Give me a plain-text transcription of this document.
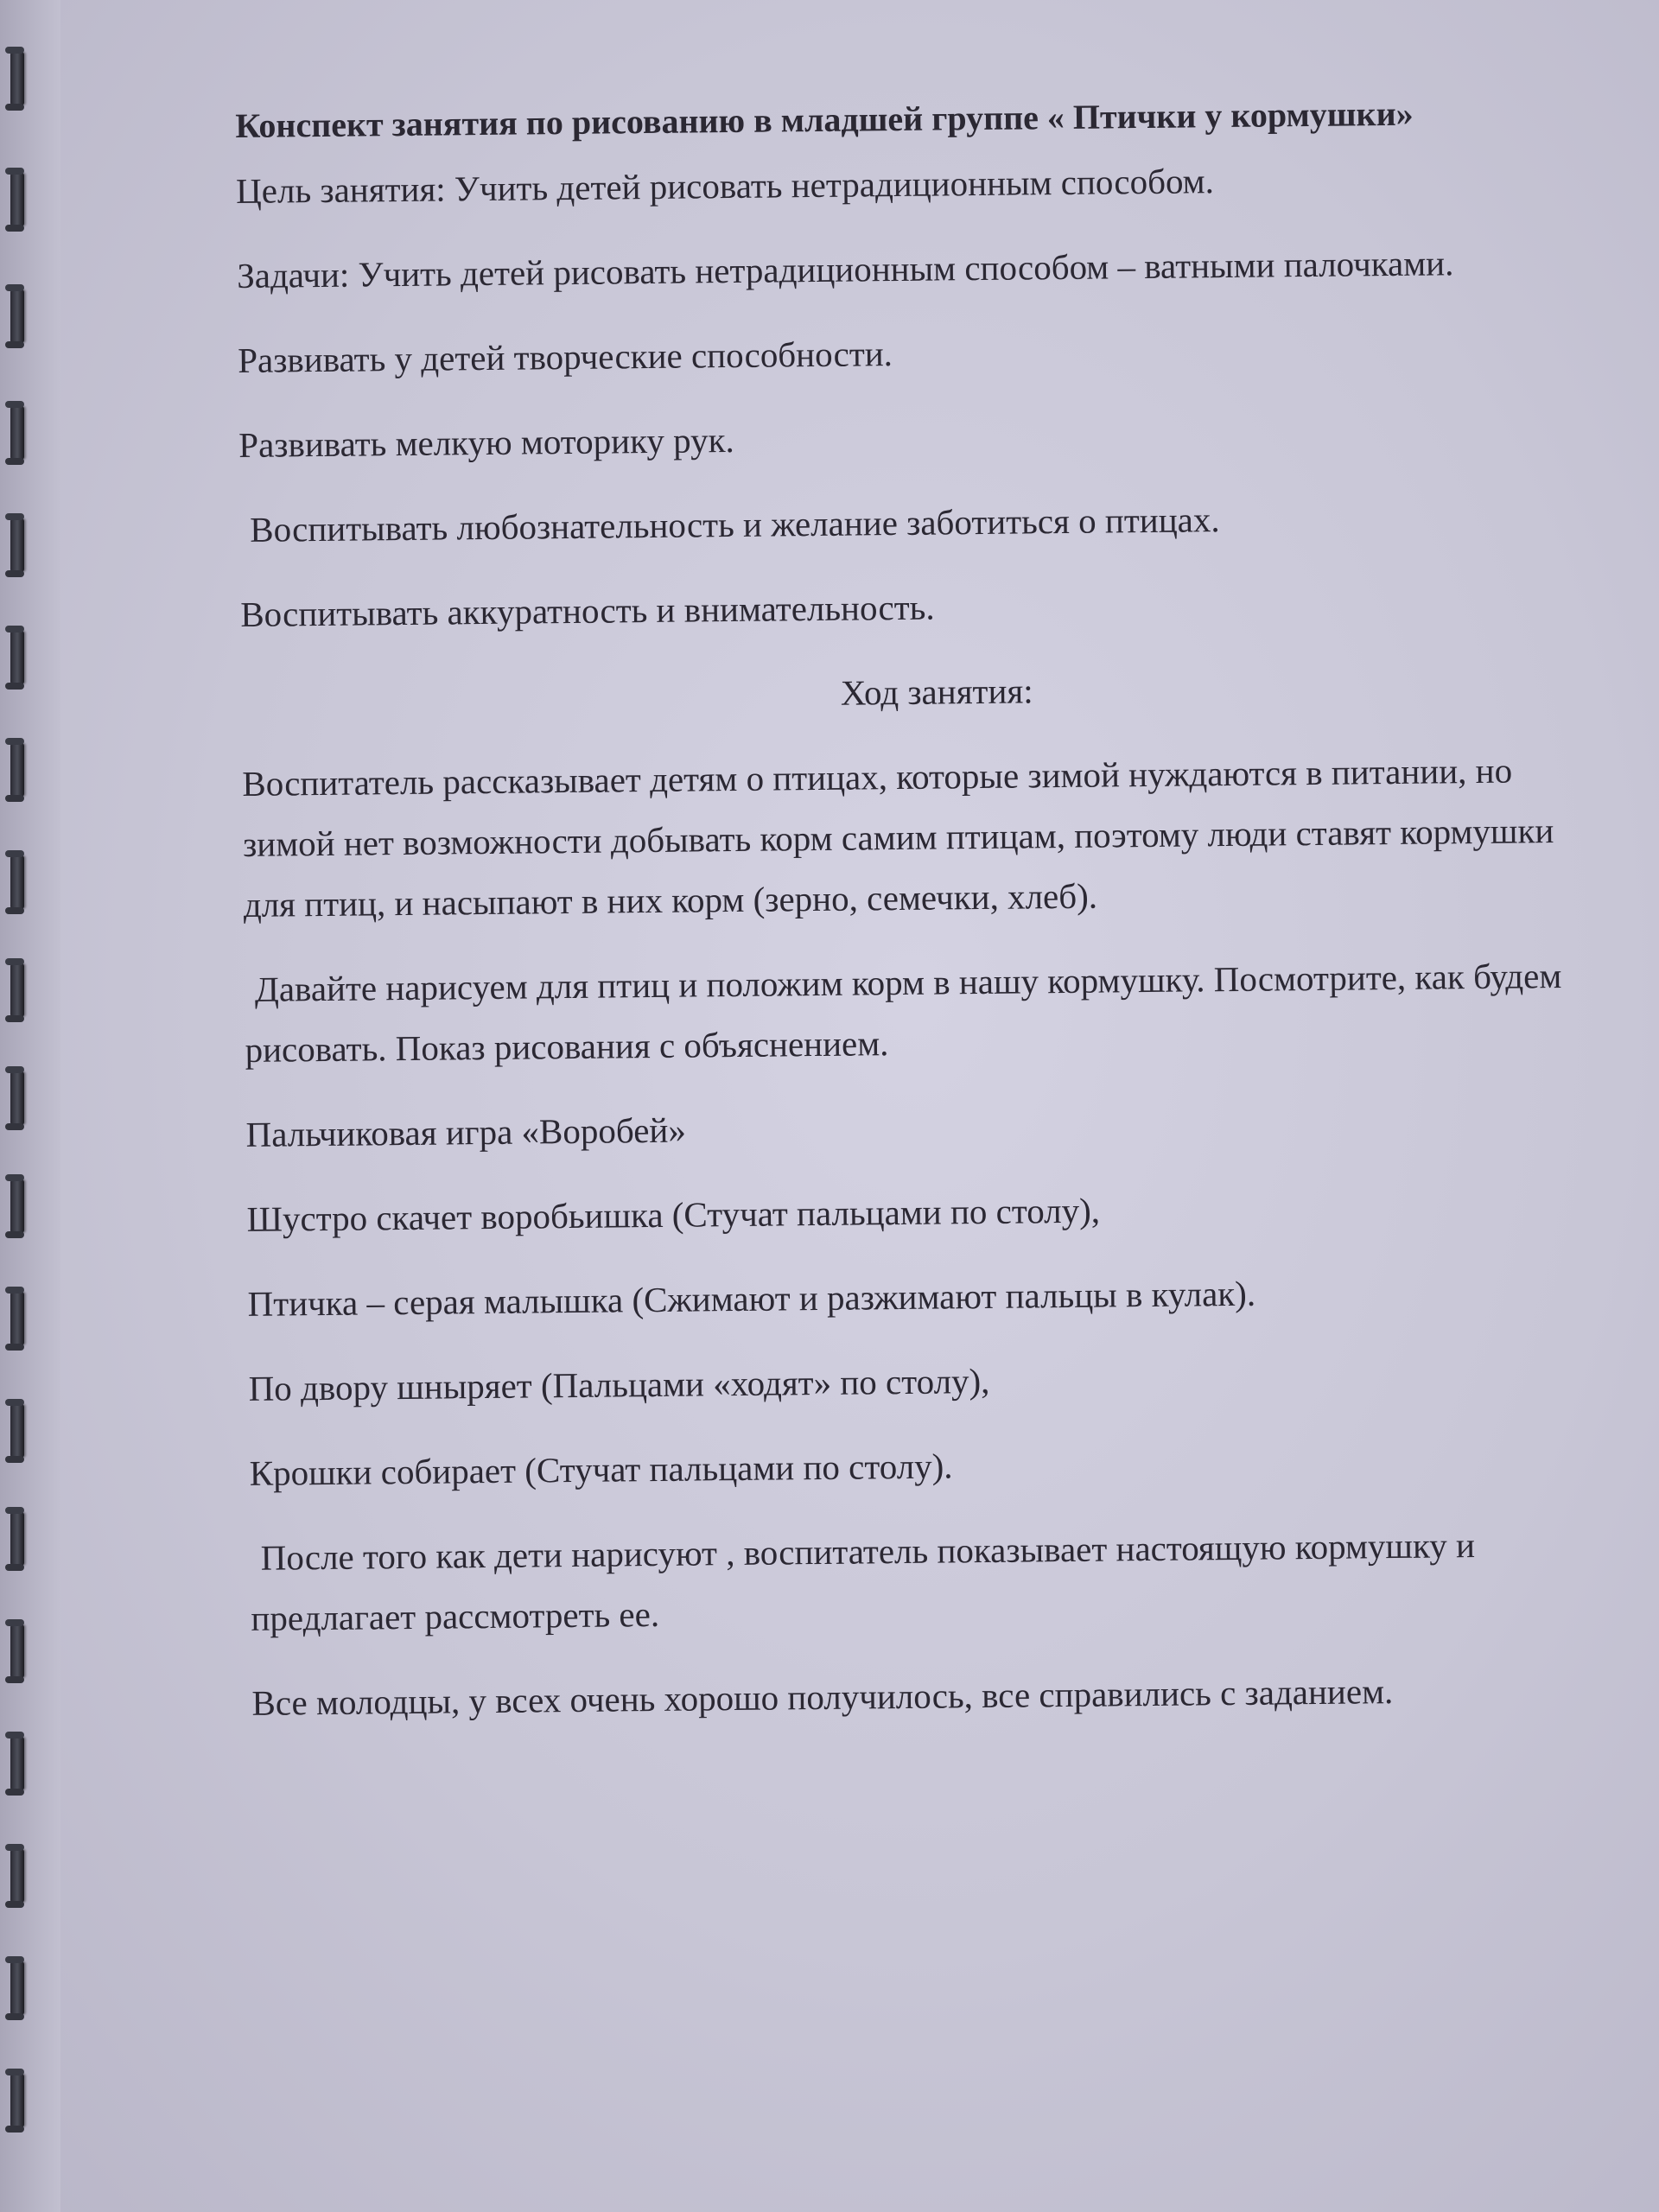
Конспект занятия по рисованию в младшей группе « Птички у кормушки»

Цель занятия: Учить детей рисовать нетрадиционным способом.

Задачи: Учить детей рисовать нетрадиционным способом – ватными палочками.

Развивать у детей творческие способности.

Развивать мелкую моторику рук.

Воспитывать любознательность и желание заботиться о птицах.

Воспитывать аккуратность и внимательность.

Ход занятия:

Воспитатель рассказывает детям о птицах, которые зимой нуждаются в питании, но зимой нет возможности добывать корм самим птицам, поэтому люди ставят кормушки для птиц, и насыпают в них корм (зерно, семечки, хлеб).

Давайте нарисуем для птиц и положим корм в нашу кормушку. Посмотрите, как будем рисовать. Показ рисования с объяснением.

Пальчиковая игра «Воробей»

Шустро скачет воробьишка (Стучат пальцами по столу),

Птичка – серая малышка (Сжимают и разжимают пальцы в кулак).

По двору шныряет (Пальцами «ходят» по столу),

Крошки собирает (Стучат пальцами по столу).

После того как дети нарисуют , воспитатель показывает настоящую кормушку и предлагает рассмотреть ее.

Все молодцы, у всех очень хорошо получилось, все справились с заданием.
